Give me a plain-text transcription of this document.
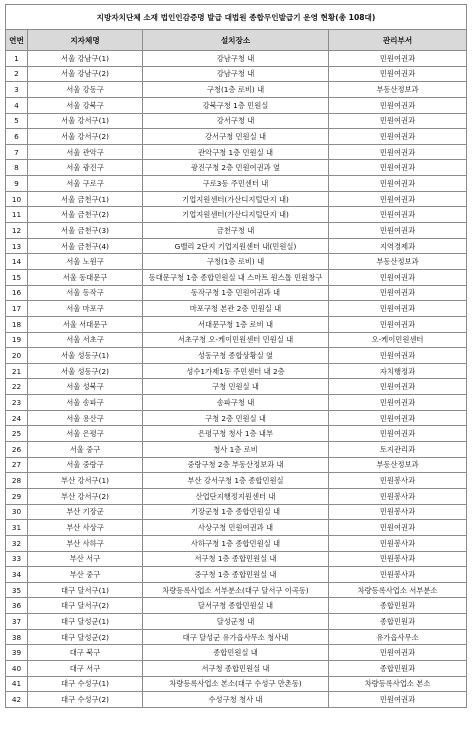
지방자치단체 소재 법인인감증명 발급 대법원 종합무인발급기 운영 현황(총 108대)			
연번	지자체명	설치장소	관리부서
1	서울 강남구(1)	강남구청 내	민원여권과
2	서울 강남구(2)	강남구청 내	민원여권과
3	서울 강동구	구청(1층 로비) 내	부동산정보과
4	서울 강북구	강북구청 1층 민원실	민원여권과
5	서울 강서구(1)	강서구청 내	민원여권과
6	서울 강서구(2)	강서구청 민원실 내	민원여권과
7	서울 관악구	관악구청 1층 민원실 내	민원여권과
8	서울 광진구	광진구청 2층 민원여권과 옆	민원여권과
9	서울 구로구	구로3동 주민센터 내	민원여권과
10	서울 금천구(1)	기업지원센터(가산디지털단지 내)	민원여권과
11	서울 금천구(2)	기업지원센터(가산디지털단지 내)	민원여권과
12	서울 금천구(3)	금천구청 내	민원여권과
13	서울 금천구(4)	G밸리 2단지 기업지원센터 내(민원실)	지역경제과
14	서울 노원구	구청(1층 로비) 내	부동산정보과
15	서울 동대문구	동대문구청 1층 종합민원실 내 스마트 원스톱 민원창구	민원여권과
16	서울 동작구	동작구청 1층 민원여권과 내	민원여권과
17	서울 마포구	마포구청 본관 2층 민원실 내	민원여권과
18	서울 서대문구	서대문구청 1층 로비 내	민원여권과
19	서울 서초구	서초구청 오-케이민원센터 민원실 내	오-케이민원센터
20	서울 성동구(1)	성동구청 종합상황실 옆	민원여권과
21	서울 성동구(2)	성수1가제1동 주민센터 내 2층	자치행정과
22	서울 성북구	구청 민원실 내	민원여권과
23	서울 송파구	송파구청 내	민원여권과
24	서울 용산구	구청 2층 민원실 내	민원여권과
25	서울 은평구	은평구청 청사 1층 내부	민원여권과
26	서울 중구	청사 1층 로비	토지관리과
27	서울 중랑구	중랑구청 2층 부동산정보과 내	부동산정보과
28	부산 강서구(1)	부산 강서구청 1층 종합민원실	민원봉사과
29	부산 강서구(2)	산업단지행정지원센터 내	민원봉사과
30	부산 기장군	기장군청 1층 종합민원실 내	민원봉사과
31	부산 사상구	사상구청 민원여권과 내	민원여권과
32	부산 사하구	사하구청 1층 종합민원실 내	민원봉사과
33	부산 서구	서구청 1층 종합민원실 내	민원봉사과
34	부산 중구	중구청 1층 종합민원실 내	민원봉사과
35	대구 달서구(1)	차량등록사업소 서부분소(대구 달서구 이곡동)	차량등록사업소 서부분소
36	대구 달서구(2)	달서구청 종합민원실 내	종합민원과
37	대구 달성군(1)	달성군청 내	종합민원과
38	대구 달성군(2)	대구 달성군 유가읍사무소 청사내	유가읍사무소
39	대구 북구	종합민원실 내	민원여권과
40	대구 서구	서구청 종합민원실 내	종합민원과
41	대구 수성구(1)	차량등록사업소 본소(대구 수성구 만촌동)	차량등록사업소 본소
42	대구 수성구(2)	수성구청 청사 내	민원여권과
